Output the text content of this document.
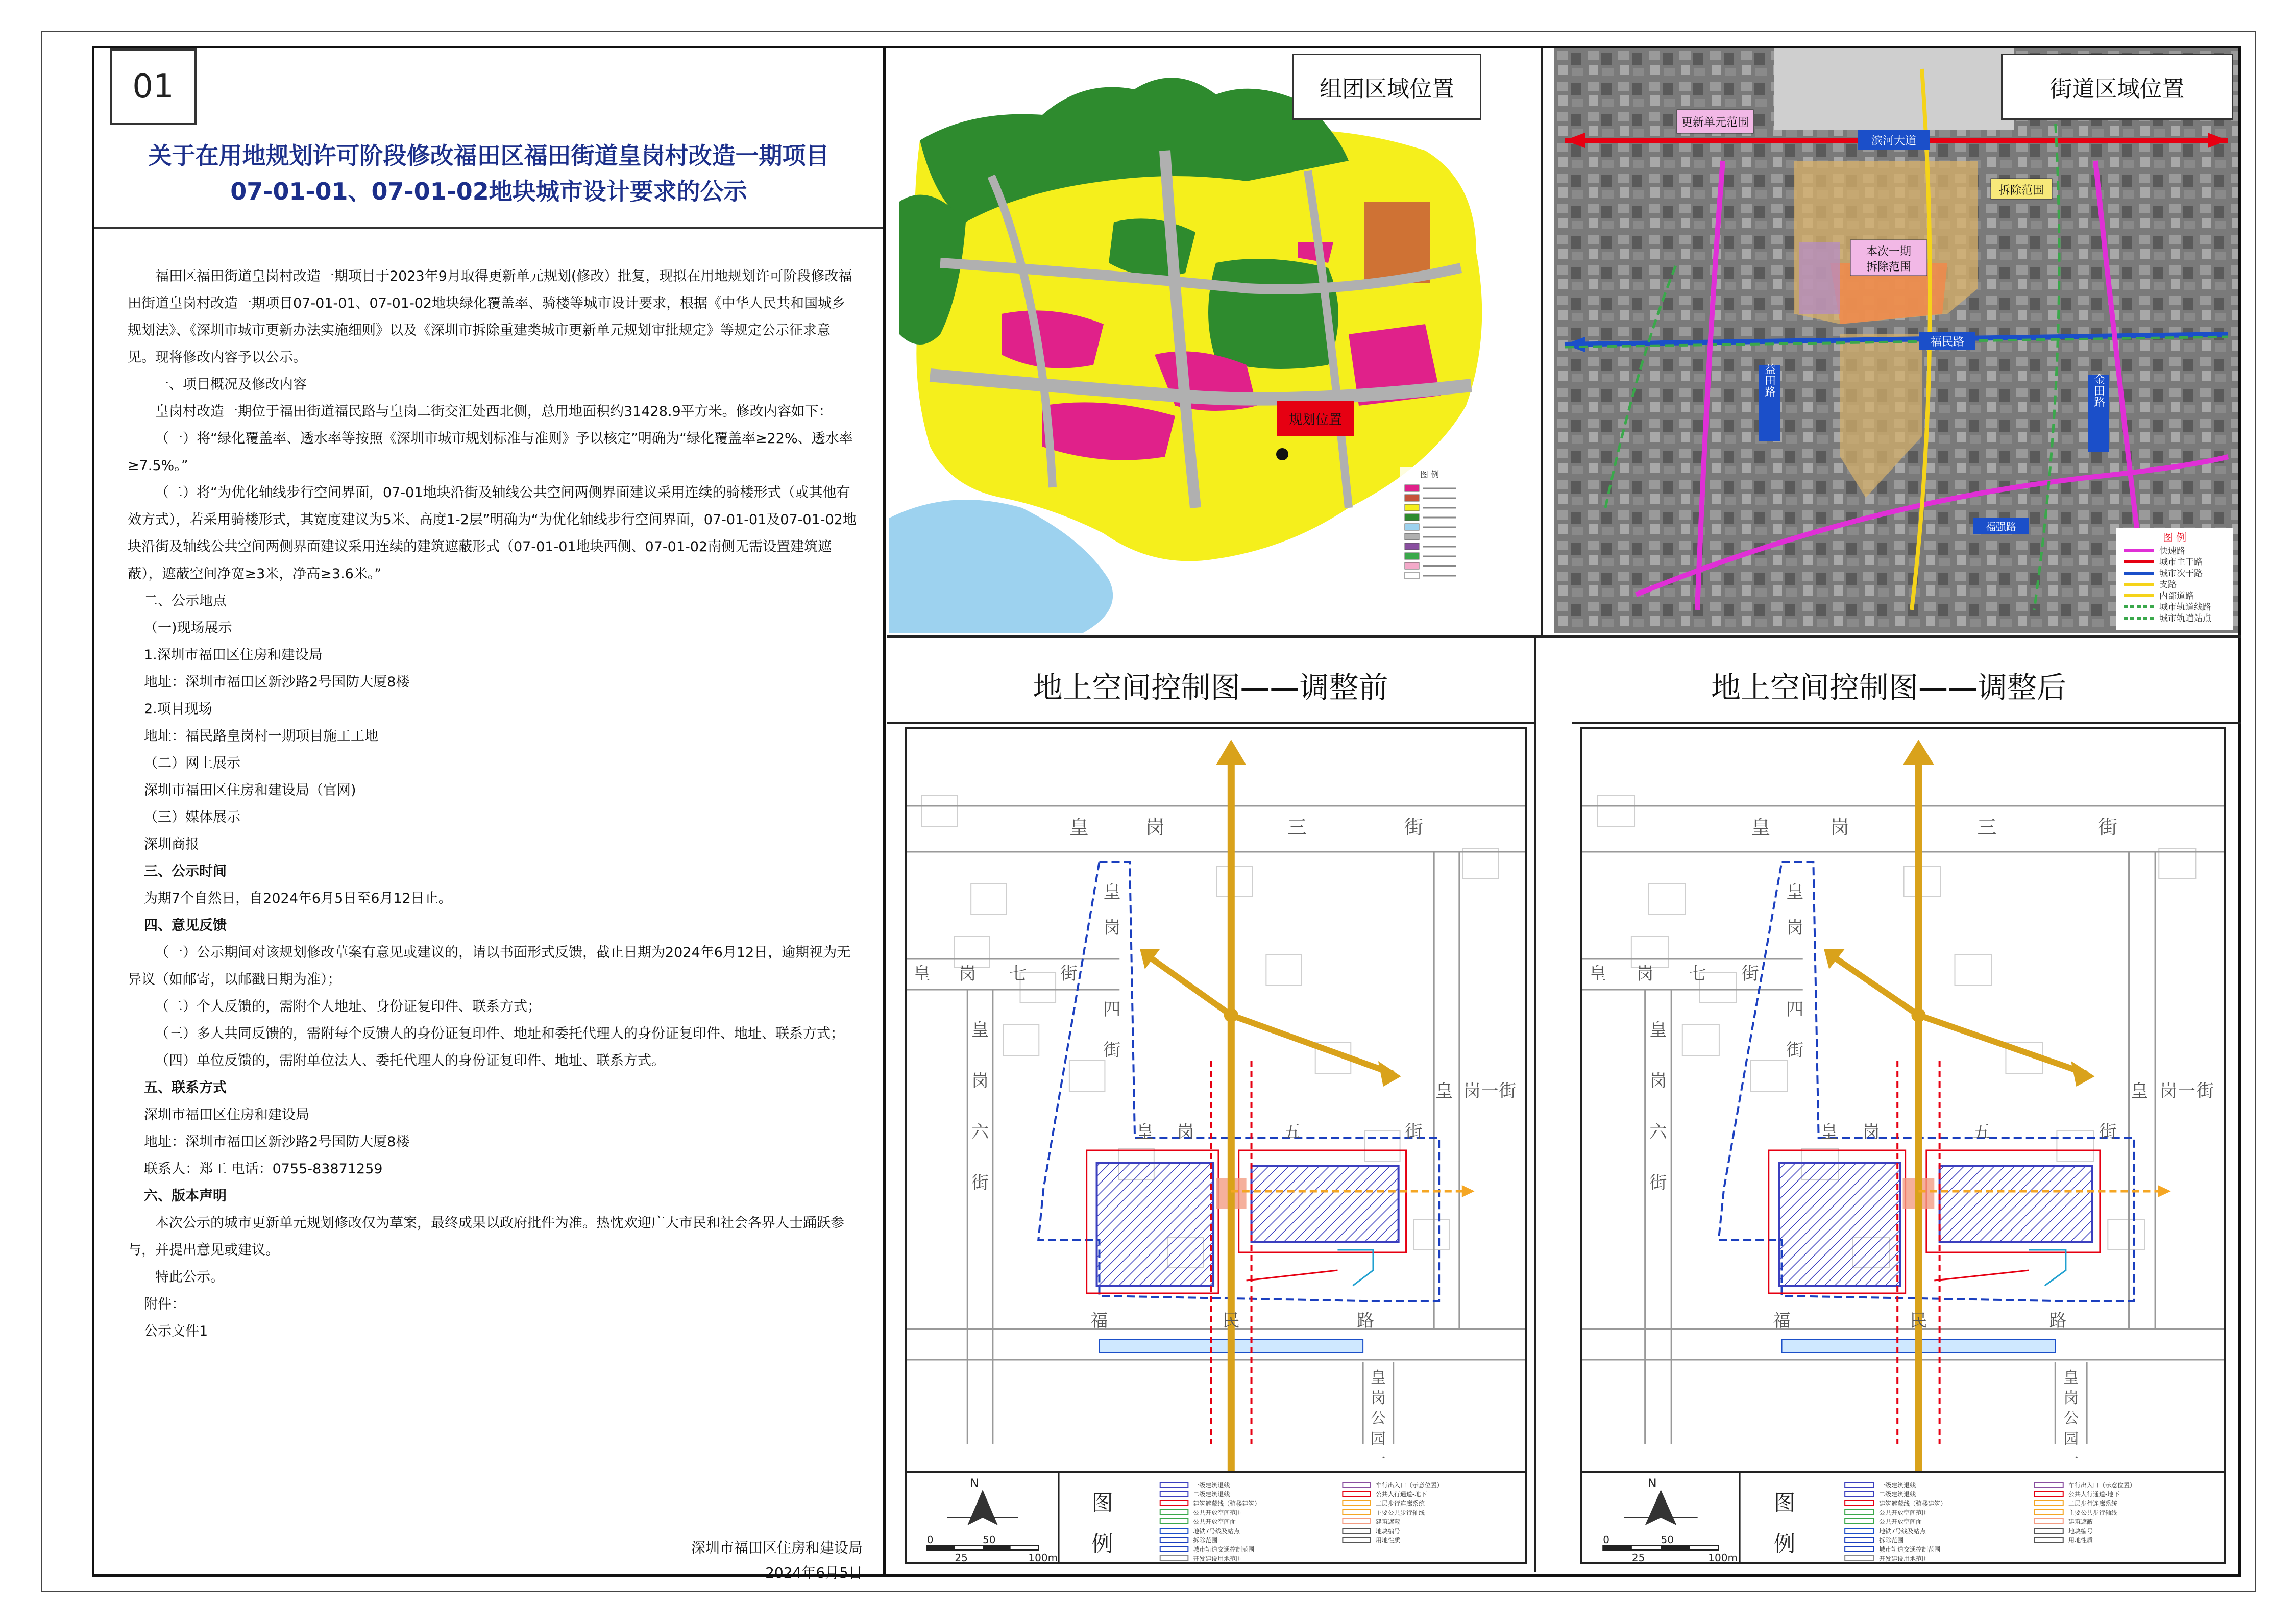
01
关于在用地规划许可阶段修改福田区福田街道皇岗村改造一期项目
07-01-01、07-01-02地块城市设计要求的公示

福田区福田街道皇岗村改造一期项目于2023年9月取得更新单元规划(修改）批复，现拟在用地规划许可阶段修改福田街道皇岗村改造一期项目07-01-01、07-01-02地块绿化覆盖率、骑楼等城市设计要求，根据《中华人民共和国城乡规划法》、《深圳市城市更新办法实施细则》以及《深圳市拆除重建类城市更新单元规划审批规定》等规定公示征求意见。现将修改内容予以公示。

一、项目概况及修改内容

皇岗村改造一期位于福田街道福民路与皇岗二街交汇处西北侧，总用地面积约31428.9平方米。修改内容如下：

（一）将“绿化覆盖率、透水率等按照《深圳市城市规划标准与准则》予以核定”明确为“绿化覆盖率≥22%、透水率≥7.5%。”

（二）将“为优化轴线步行空间界面，07-01地块沿街及轴线公共空间两侧界面建议采用连续的骑楼形式（或其他有效方式），若采用骑楼形式，其宽度建议为5米、高度1-2层”明确为“为优化轴线步行空间界面，07-01-01及07-01-02地块沿街及轴线公共空间两侧界面建议采用连续的建筑遮蔽形式（07-01-01地块西侧、07-01-02南侧无需设置建筑遮蔽），遮蔽空间净宽≥3米，净高≥3.6米。”

二、公示地点

（一)现场展示

1.深圳市福田区住房和建设局

地址：深圳市福田区新沙路2号国防大厦8楼

2.项目现场

地址：福民路皇岗村一期项目施工工地

（二）网上展示

深圳市福田区住房和建设局（官网)

（三）媒体展示

深圳商报

三、公示时间

为期7个自然日，自2024年6月5日至6月12日止。

四、意见反馈

（一）公示期间对该规划修改草案有意见或建议的，请以书面形式反馈，截止日期为2024年6月12日，逾期视为无异议（如邮寄，以邮戳日期为准）；

（二）个人反馈的，需附个人地址、身份证复印件、联系方式；

（三）多人共同反馈的，需附每个反馈人的身份证复印件、地址和委托代理人的身份证复印件、地址、联系方式；

（四）单位反馈的，需附单位法人、委托代理人的身份证复印件、地址、联系方式。

五、联系方式

深圳市福田区住房和建设局

地址：深圳市福田区新沙路2号国防大厦8楼

联系人：郑工 电话：0755-83871259

六、版本声明

本次公示的城市更新单元规划修改仅为草案，最终成果以政府批件为准。热忱欢迎广大市民和社会各界人士踊跃参与，并提出意见或建议。

特此公示。

附件：

公示文件1

深圳市福田区住房和建设局
2024年6月5日
规划位置
图 例
组团区域位置
更新单元范围
滨河大道
拆除范围
本次一期
拆除范围
福民路
益田路	金田路
福强路
图 例
快速路
城市主干路
城市次干路
支路
内部道路
城市轨道线路
城市轨道站点
街道区域位置
地上空间控制图——调整前	地上空间控制图——调整后
皇	岗	三	街
皇 岗 七 街
皇
岗
四
街
皇
岗
六
街
皇 岗 一 街
皇 岗	五	街
福	民	路
皇
岗
公
园
一
N
0
25
50
100m
图
例
一级建筑退线
二级建筑退线
建筑遮蔽线（骑楼建筑）
公共开放空间范围
公共开放空间面
地铁7号线及站点
拆除范围
城市轨道交通控制范围
开发建设用地范围
车行出入口（示意位置）
公共人行通道-地下
二层步行连廊系统
主要公共步行轴线
建筑遮蔽
地块编号
用地性质
皇	岗	三	街
皇 岗 七 街
皇
岗
四
街
皇
岗
六
街
皇 岗 一 街
皇 岗	五	街
福	民	路
皇
岗
公
园
一
N
0
25
50
100m
图
例
一级建筑退线
二级建筑退线
建筑遮蔽线（骑楼建筑）
公共开放空间范围
公共开放空间面
地铁7号线及站点
拆除范围
城市轨道交通控制范围
开发建设用地范围
车行出入口（示意位置）
公共人行通道-地下
二层步行连廊系统
主要公共步行轴线
建筑遮蔽
地块编号
用地性质
